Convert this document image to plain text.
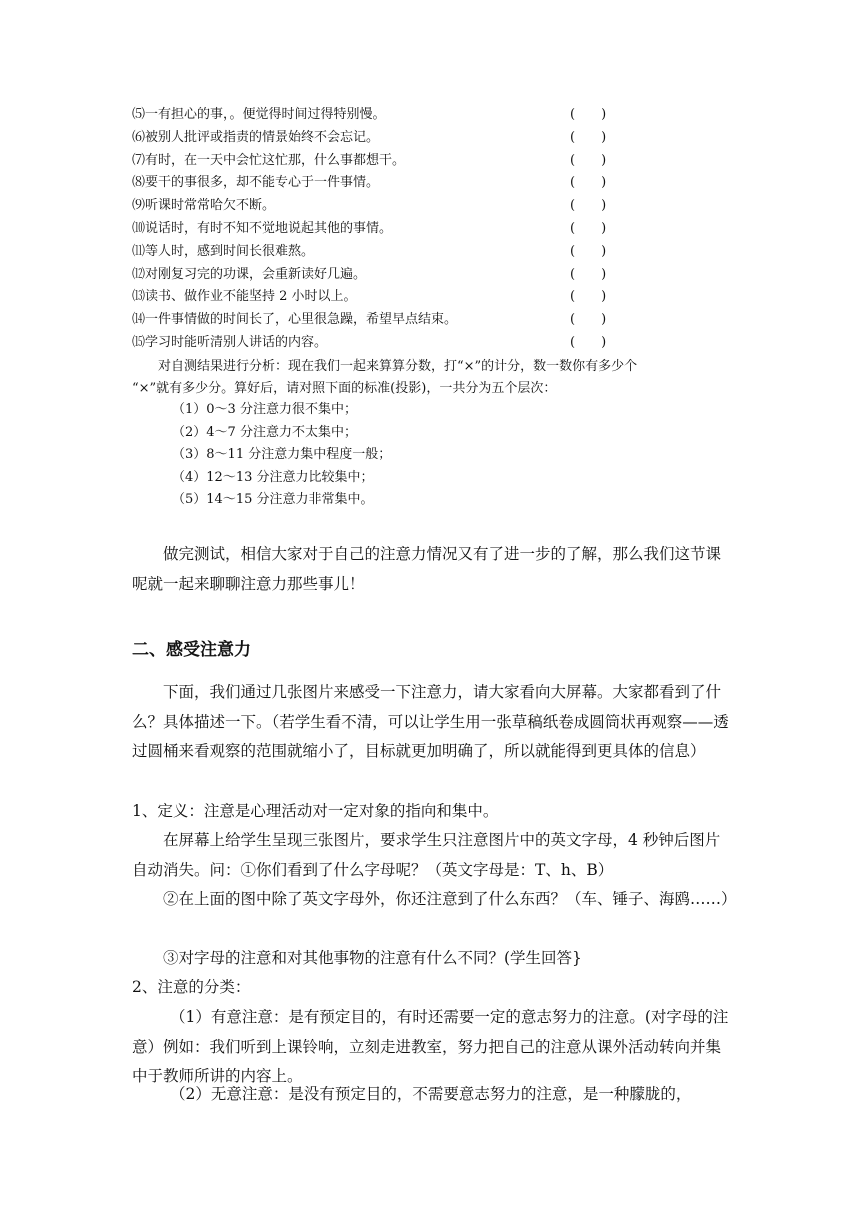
⑸一有担心的事，。便觉得时间过得特别慢。	(　　)
⑹被别人批评或指责的情景始终不会忘记。	(　　)
⑺有时，在一天中会忙这忙那，什么事都想干。	(　　)
⑻要干的事很多，却不能专心于一件事情。	(　　)
⑼听课时常常哈欠不断。	(　　)
⑽说话时，有时不知不觉地说起其他的事情。	(　　)
⑾等人时，感到时间长很难熬。	(　　)
⑿对刚复习完的功课，会重新读好几遍。	(　　)
⒀读书、做作业不能坚持 2 小时以上。	(　　)
⒁一件事情做的时间长了，心里很急躁，希望早点结束。	(　　)
⒂学习时能听清别人讲话的内容。	(　　)

对自测结果进行分析：现在我们一起来算算分数，打“×”的计分，数一数你有多少个

“×”就有多少分。算好后，请对照下面的标准(投影)，一共分为五个层次：

（1）0～3 分注意力很不集中；
（2）4～7 分注意力不太集中；
（3）8～11 分注意力集中程度一般；
（4）12～13 分注意力比较集中；
（5）14～15 分注意力非常集中。

做完测试，相信大家对于自己的注意力情况又有了进一步的了解，那么我们这节课呢就一起来聊聊注意力那些事儿！

二、感受注意力

下面，我们通过几张图片来感受一下注意力，请大家看向大屏幕。大家都看到了什么？具体描述一下。（若学生看不清，可以让学生用一张草稿纸卷成圆筒状再观察——透过圆桶来看观察的范围就缩小了，目标就更加明确了，所以就能得到更具体的信息）

1、定义：注意是心理活动对一定对象的指向和集中。

在屏幕上给学生呈现三张图片，要求学生只注意图片中的英文字母，4 秒钟后图片自动消失。问：①你们看到了什么字母呢？（英文字母是：T、h、B）

②在上面的图中除了英文字母外，你还注意到了什么东西？（车、锤子、海鸥……）

③对字母的注意和对其他事物的注意有什么不同？(学生回答}

2、注意的分类：

（1）有意注意：是有预定目的，有时还需要一定的意志努力的注意。(对字母的注意）例如：我们听到上课铃响，立刻走进教室，努力把自己的注意从课外活动转向并集中于教师所讲的内容上。

（2）无意注意：是没有预定目的，不需要意志努力的注意，是一种朦胧的，
